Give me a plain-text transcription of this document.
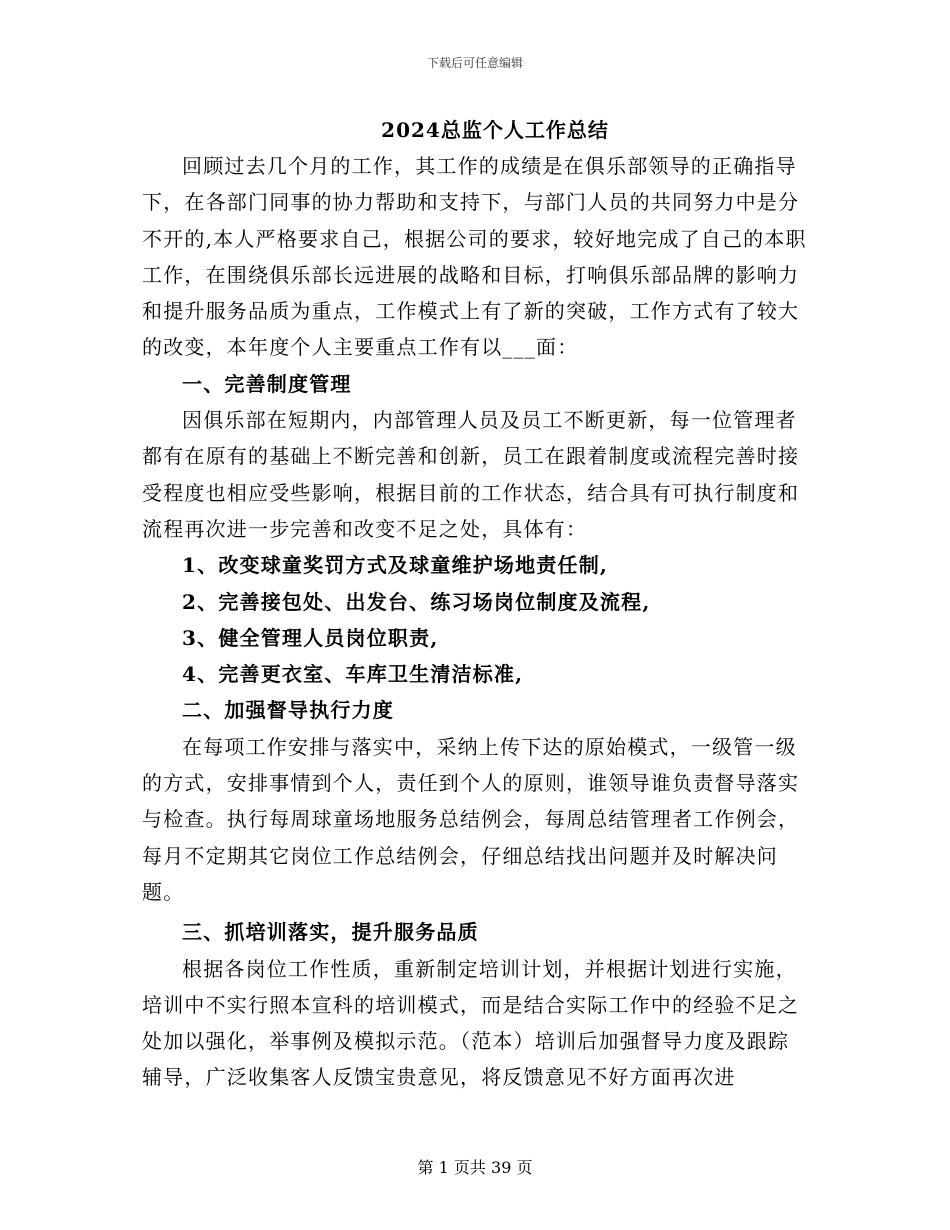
下载后可任意编辑
2024总监个人工作总结

回顾过去几个月的工作，其工作的成绩是在俱乐部领导的正确指导下，在各部门同事的协力帮助和支持下，与部门人员的共同努力中是分不开的,本人严格要求自己，根据公司的要求，较好地完成了自己的本职工作，在围绕俱乐部长远进展的战略和目标，打响俱乐部品牌的影响力和提升服务品质为重点，工作模式上有了新的突破，工作方式有了较大的改变，本年度个人主要重点工作有以___面：

一、完善制度管理

因俱乐部在短期内，内部管理人员及员工不断更新，每一位管理者都有在原有的基础上不断完善和创新，员工在跟着制度或流程完善时接受程度也相应受些影响，根据目前的工作状态，结合具有可执行制度和流程再次进一步完善和改变不足之处，具体有：

1、改变球童奖罚方式及球童维护场地责任制,

2、完善接包处、出发台、练习场岗位制度及流程,

3、健全管理人员岗位职责,

4、完善更衣室、车库卫生清洁标准,

二、加强督导执行力度

在每项工作安排与落实中，采纳上传下达的原始模式，一级管一级的方式，安排事情到个人，责任到个人的原则，谁领导谁负责督导落实与检查。执行每周球童场地服务总结例会，每周总结管理者工作例会，每月不定期其它岗位工作总结例会，仔细总结找出问题并及时解决问题。

三、抓培训落实，提升服务品质

根据各岗位工作性质，重新制定培训计划，并根据计划进行实施，培训中不实行照本宣科的培训模式，而是结合实际工作中的经验不足之处加以强化，举事例及模拟示范。（范本）培训后加强督导力度及跟踪辅导，广泛收集客人反馈宝贵意见，将反馈意见不好方面再次进

第 1 页共 39 页
